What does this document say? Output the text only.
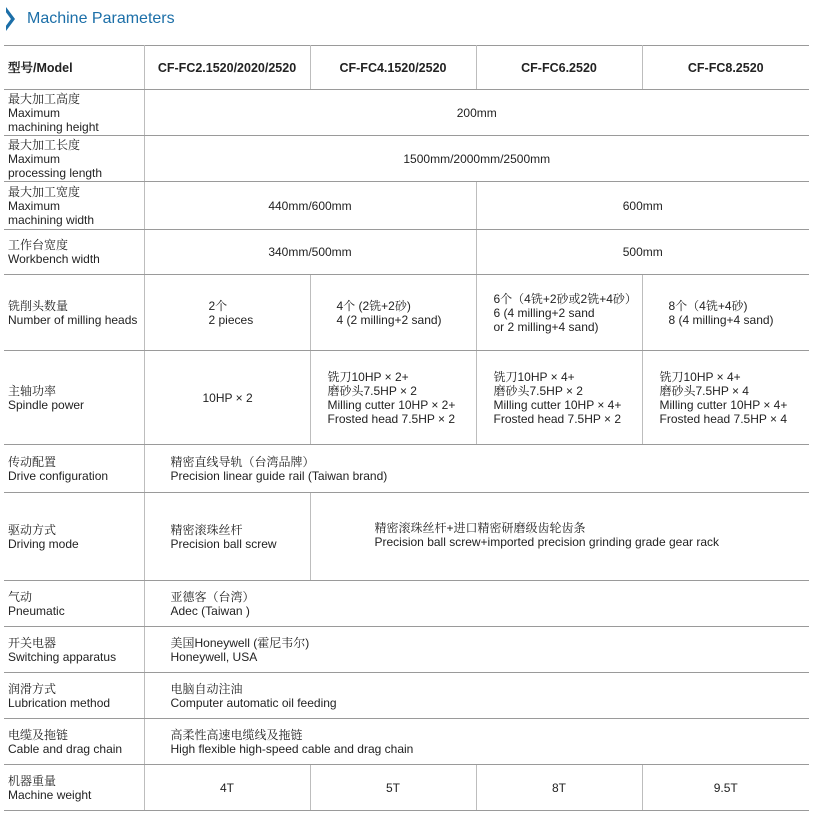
Machine Parameters
型号/Model	CF-FC2.1520/2020/2520	CF-FC4.1520/2520	CF-FC6.2520	CF-FC8.2520

最大加工高度
Maximum
machining height	200mm			

最大加工长度
Maximum
processing length	1500mm/2000mm/2500mm			

最大加工宽度
Maximum
machining width	440mm/600mm		600mm	

工作台宽度
Workbench width	340mm/500mm		500mm	

铣削头数量
Number of milling heads	2个
2 pieces	4个 (2铣+2砂)
4 (2 milling+2 sand)	6个（4铣+2砂或2铣+4砂）
6 (4 milling+2 sand
or 2 milling+4 sand)	8个（4铣+4砂)
8 (4 milling+4 sand)

主轴功率
Spindle power	10HP × 2	铣刀10HP × 2+
磨砂头7.5HP × 2
Milling cutter 10HP × 2+
Frosted head 7.5HP × 2	铣刀10HP × 4+
磨砂头7.5HP × 2
Milling cutter 10HP × 4+
Frosted head 7.5HP × 2	铣刀10HP × 4+
磨砂头7.5HP × 4
Milling cutter 10HP × 4+
Frosted head 7.5HP × 4

传动配置
Drive configuration	精密直线导轨（台湾品牌）
Precision linear guide rail (Taiwan brand)			

驱动方式
Driving mode	精密滚珠丝杆
Precision ball screw	精密滚珠丝杆+进口精密研磨级齿轮齿条
Precision ball screw+imported precision grinding grade gear rack		

气动
Pneumatic	亚德客（台湾）
Adec (Taiwan )			

开关电器
Switching apparatus	美国Honeywell (霍尼韦尔)
Honeywell, USA			

润滑方式
Lubrication method	电脑自动注油
Computer automatic oil feeding			

电缆及拖链
Cable and drag chain	高柔性高速电缆线及拖链
High flexible high-speed cable and drag chain			

机器重量
Machine weight	4T	5T	8T	9.5T
